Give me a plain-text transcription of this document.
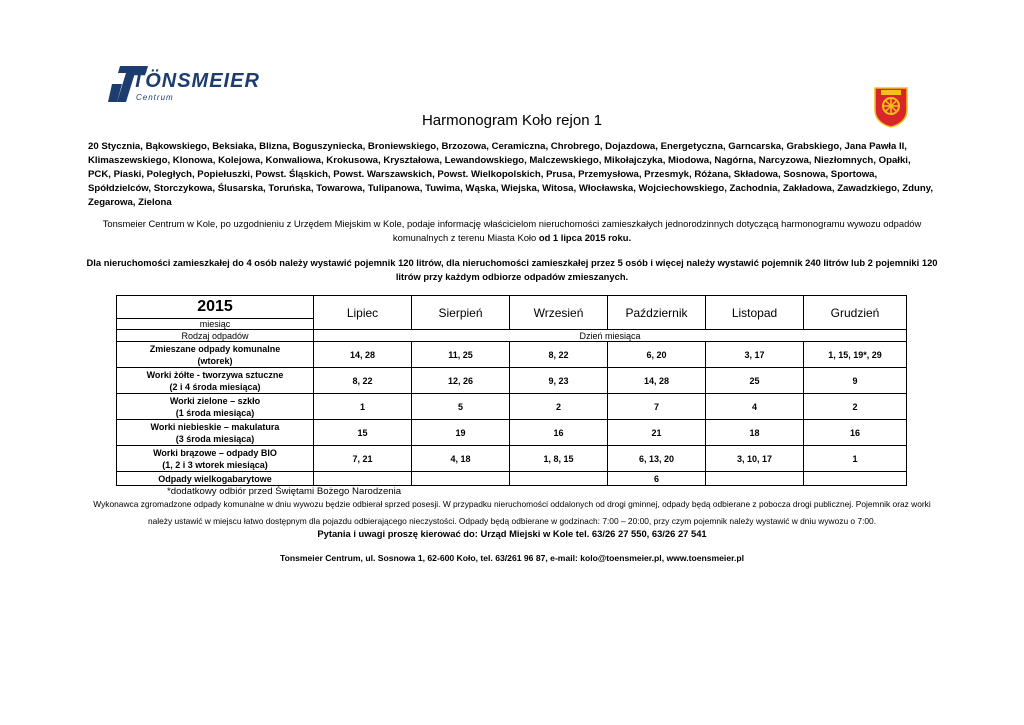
TÖNSMEIER
Centrum
Harmonogram Koło rejon 1
20 Stycznia, Bąkowskiego, Beksiaka, Blizna, Boguszyniecka, Broniewskiego, Brzozowa, Ceramiczna, Chrobrego, Dojazdowa, Energetyczna, Garncarska, Grabskiego, Jana Pawła II, Klimaszewskiego, Klonowa, Kolejowa, Konwaliowa, Krokusowa, Kryształowa, Lewandowskiego, Malczewskiego, Mikołajczyka, Miodowa, Nagórna, Narcyzowa, Niezłomnych, Opałki, PCK, Piaski, Poległych, Popiełuszki, Powst. Śląskich, Powst. Warszawskich, Powst. Wielkopolskich, Prusa, Przemysłowa, Przesmyk, Różana, Składowa, Sosnowa, Sportowa, Spółdzielców, Storczykowa, Ślusarska, Toruńska, Towarowa, Tulipanowa, Tuwima, Wąska, Wiejska, Witosa, Włocławska, Wojciechowskiego, Zachodnia, Zakładowa, Zawadzkiego, Zduny, Zegarowa, Zielona
Tonsmeier Centrum w Kole, po uzgodnieniu z Urzędem Miejskim w Kole, podaje informację właścicielom nieruchomości zamieszkałych jednorodzinnych dotyczącą harmonogramu wywozu odpadów komunalnych z terenu Miasta Koło od 1 lipca 2015 roku.
Dla nieruchomości zamieszkałej do 4 osób należy wystawić pojemnik 120 litrów, dla nieruchomości zamieszkałej przez 5 osób i więcej należy wystawić pojemnik 240 litrów lub 2 pojemniki 120 litrów przy każdym odbiorze odpadów zmieszanych.
2015	Lipiec	Sierpień	Wrzesień	Październik	Listopad	Grudzień
miesiąc						
Rodzaj odpadów	Dzień miesiąca					
Zmieszane odpady komunalne
(wtorek)	14, 28	11, 25	8, 22	6, 20	3, 17	1, 15, 19*, 29
Worki żółte - tworzywa sztuczne
(2 i 4 środa miesiąca)	8, 22	12, 26	9, 23	14, 28	25	9
Worki zielone – szkło
(1 środa miesiąca)	1	5	2	7	4	2
Worki niebieskie – makulatura
(3 środa miesiąca)	15	19	16	21	18	16
Worki brązowe – odpady BIO
(1, 2 i 3 wtorek miesiąca)	7, 21	4, 18	1, 8, 15	6, 13, 20	3, 10, 17	1
Odpady wielkogabarytowe				6		
*dodatkowy odbiór przed Świętami Bożego Narodzenia
Wykonawca zgromadzone odpady komunalne w dniu wywozu będzie odbierał sprzed posesji. W przypadku nieruchomości oddalonych od drogi gminnej, odpady będą odbierane z pobocza drogi publicznej. Pojemnik oraz worki należy ustawić w miejscu łatwo dostępnym dla pojazdu odbierającego nieczystości. Odpady będą odbierane w godzinach: 7:00 – 20:00, przy czym pojemnik należy wystawić w dniu wywozu o 7:00.
Pytania i uwagi proszę kierować do: Urząd Miejski w Kole tel. 63/26 27 550, 63/26 27 541
Tonsmeier Centrum, ul. Sosnowa 1, 62-600 Koło, tel. 63/261 96 87, e-mail: kolo@toensmeier.pl, www.toensmeier.pl
